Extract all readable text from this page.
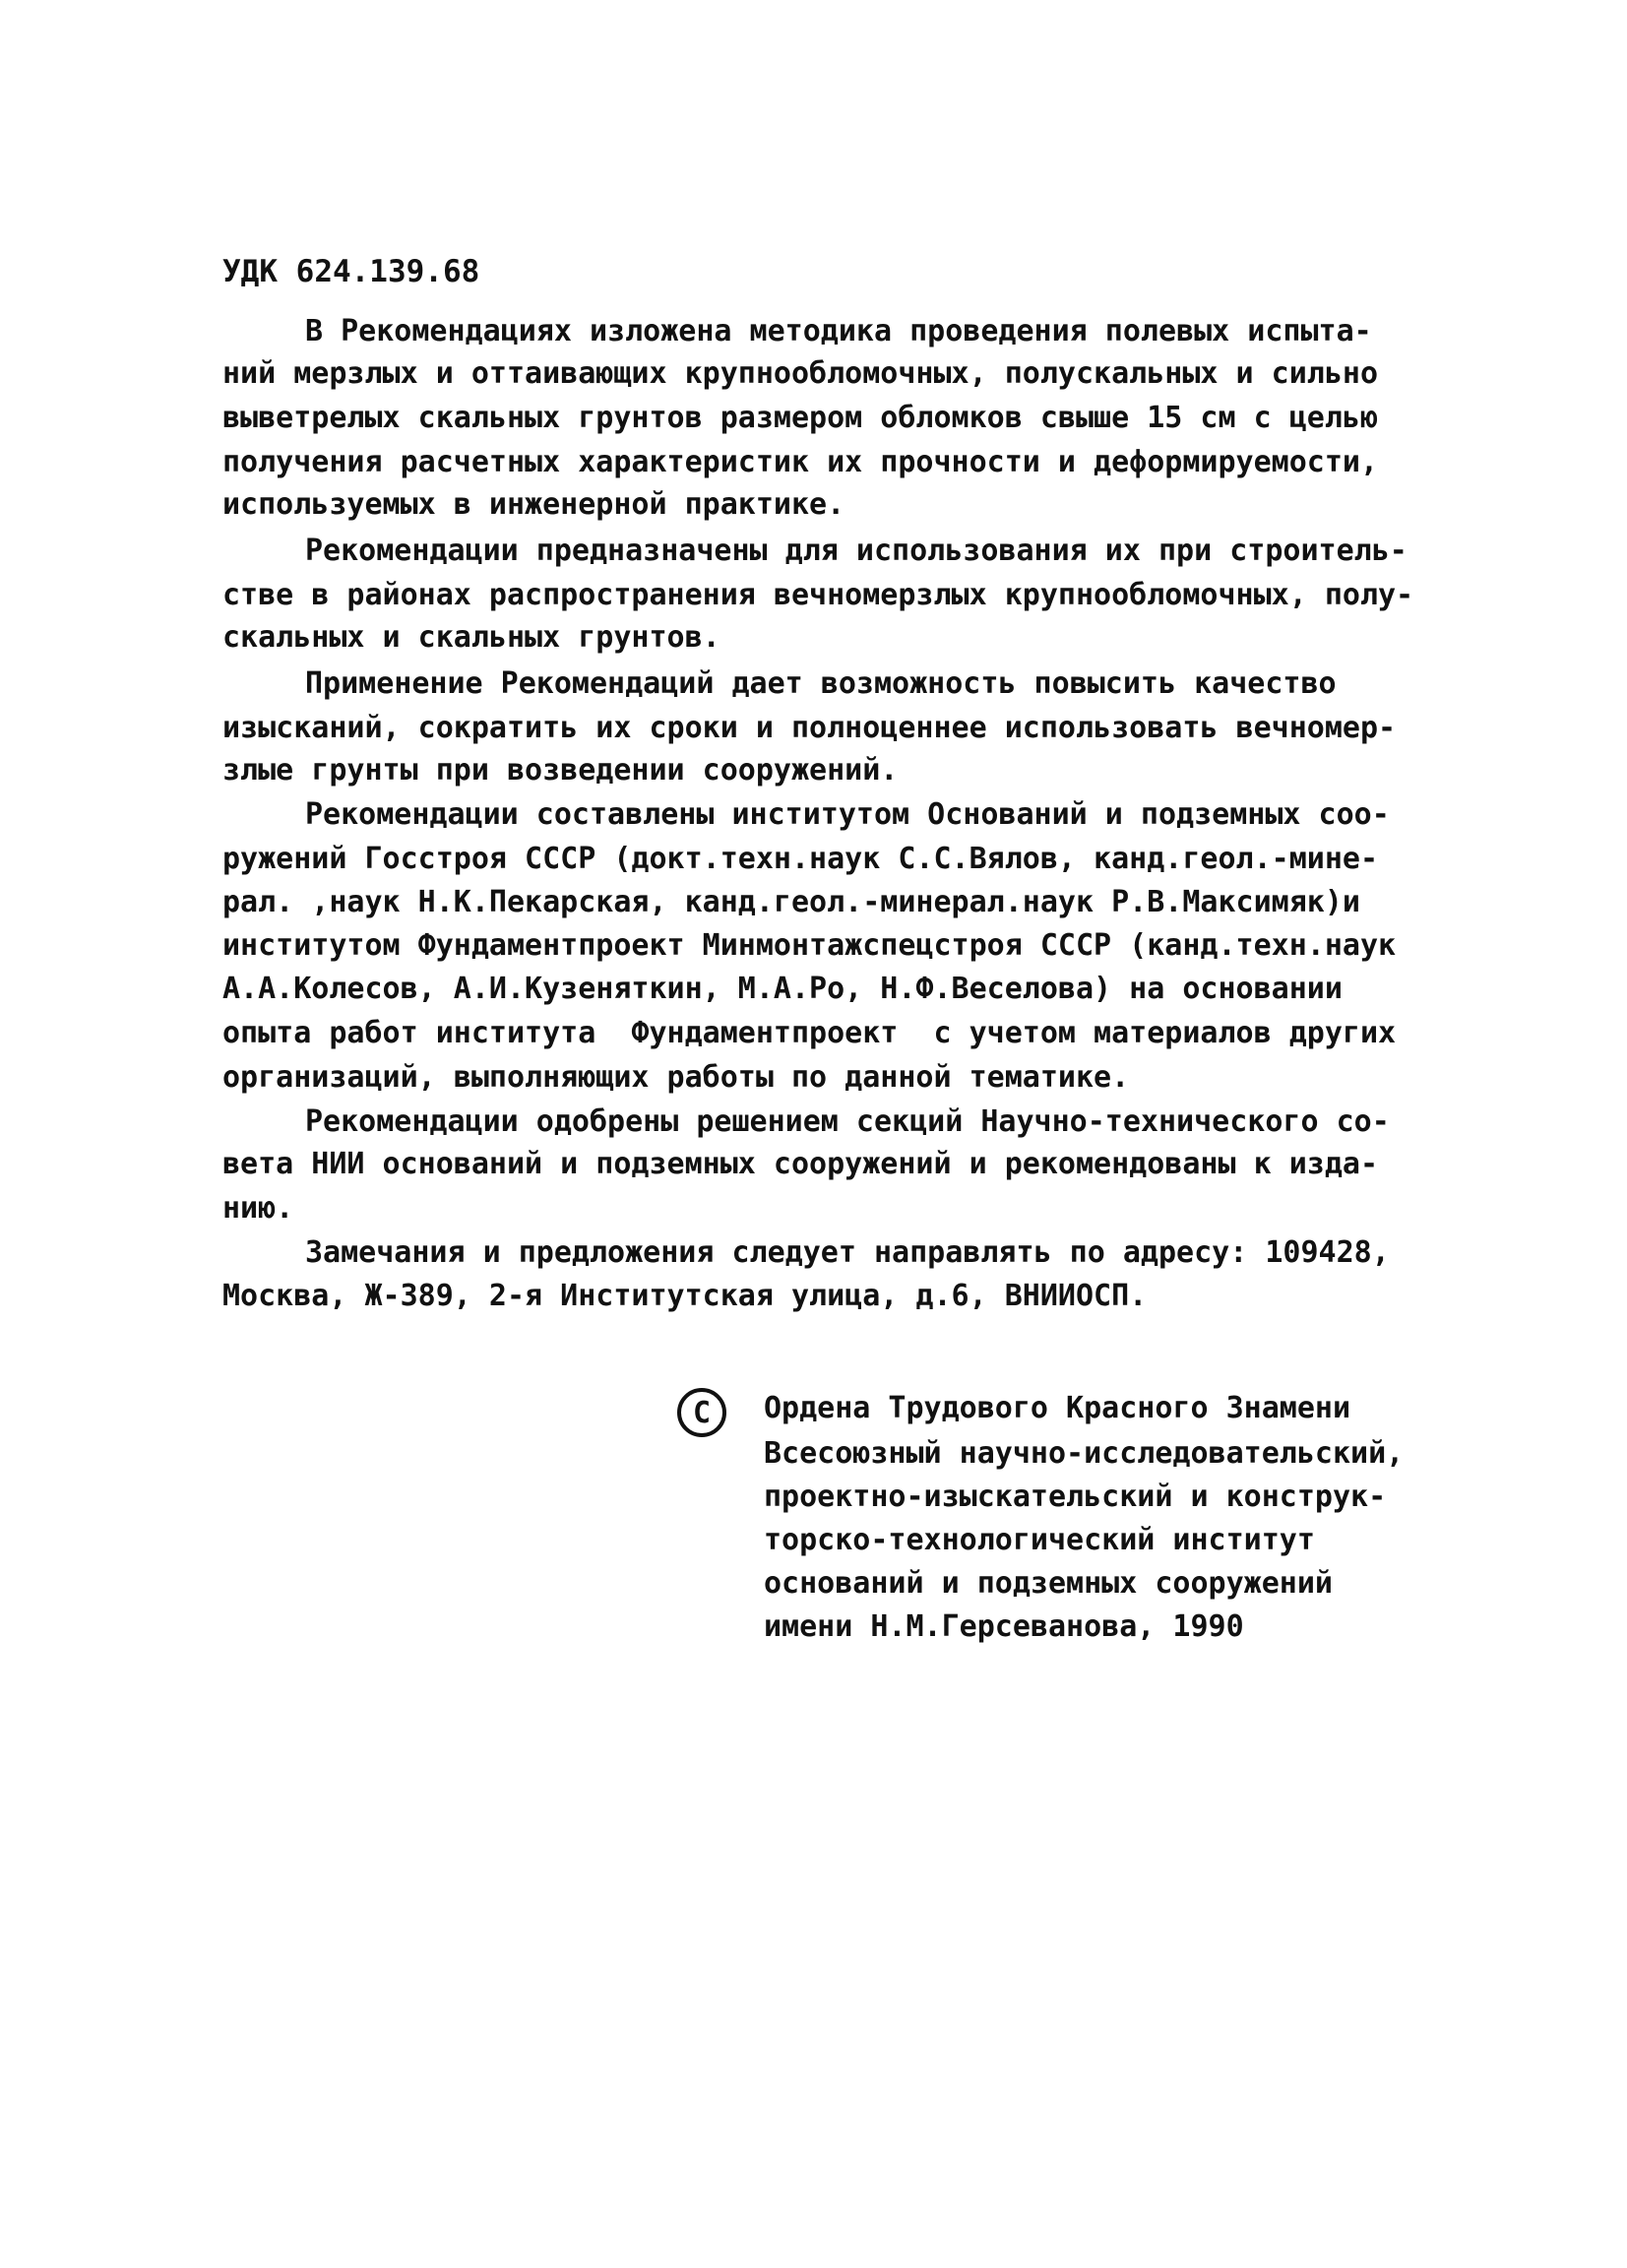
УДК 624.139.68
В Рекомендациях изложена методика проведения полевых испыта-
ний мерзлых и оттаивающих крупнообломочных, полускальных и сильно
выветрелых скальных грунтов размером обломков свыше 15 см с целью
получения расчетных характеристик их прочности и деформируемости,
используемых в инженерной практике.
Рекомендации предназначены для использования их при строитель-
стве в районах распространения вечномерзлых крупнообломочных, полу-
скальных и скальных грунтов.
Применение Рекомендаций дает возможность повысить качество
изысканий, сократить их сроки и полноценнее использовать вечномер-
злые грунты при возведении сооружений.
Рекомендации составлены институтом Оснований и подземных соо-
ружений Госстроя СССР (докт.техн.наук С.С.Вялов, канд.геол.-мине-
рал. ,наук Н.К.Пекарская, канд.геол.-минерал.наук Р.В.Максимяк)и
институтом Фундаментпроект Минмонтажспецстроя СССР (канд.техн.наук
А.А.Колесов, А.И.Кузеняткин, М.А.Ро, Н.Ф.Веселова) на основании
опыта работ института  Фундаментпроект  с учетом материалов других
организаций, выполняющих работы по данной тематике.
Рекомендации одобрены решением секций Научно-технического со-
вета НИИ оснований и подземных сооружений и рекомендованы к изда-
нию.
Замечания и предложения следует направлять по адресу: 109428,
Москва, Ж-389, 2-я Институтская улица, д.6, ВНИИОСП.
C	Ордена Трудового Красного Знамени
Всесоюзный научно-исследовательский,
проектно-изыскательский и конструк-
торско-технологический институт
оснований и подземных сооружений
имени Н.М.Герсеванова, 1990
